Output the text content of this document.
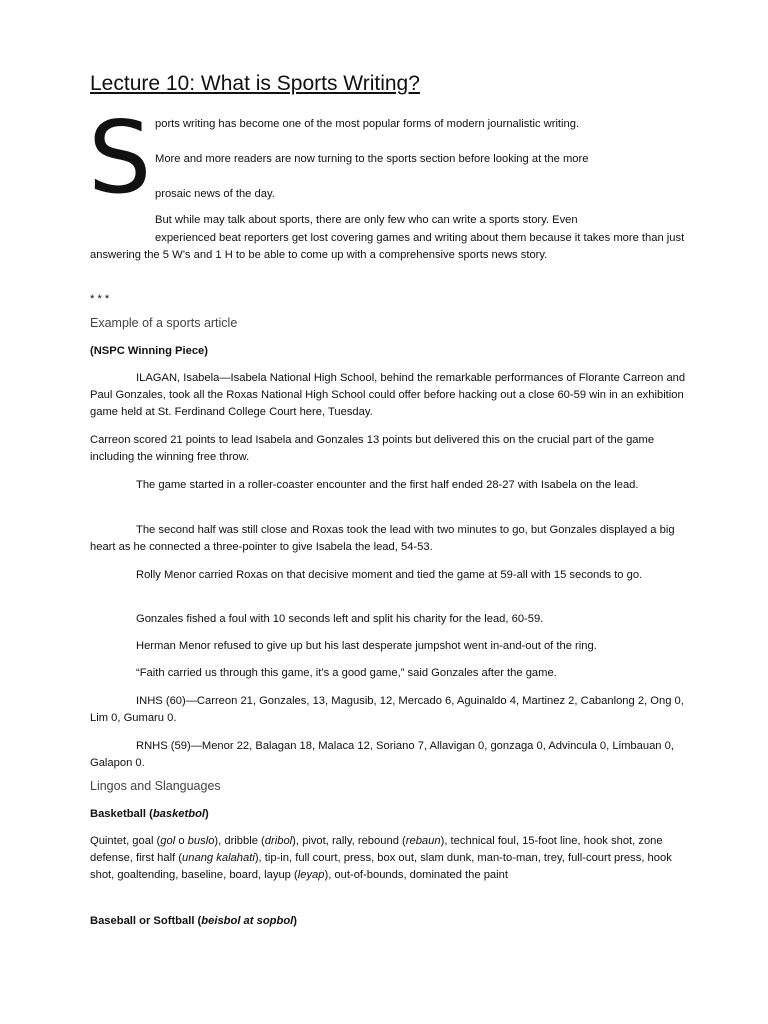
Lecture 10: What is Sports Writing?
S ports writing has become one of the most popular forms of modern journalistic writing.

More and more readers are now turning to the sports section before looking at the more

prosaic news of the day.

But while may talk about sports, there are only few who can write a sports story. Even

experienced beat reporters get lost covering games and writing about them because it takes more than just answering the 5 W’s and 1 H to be able to come up with a comprehensive sports news story.

* * *

Example of a sports article

(NSPC Winning Piece)

ILAGAN, Isabela—Isabela National High School, behind the remarkable performances of Florante Carreon and Paul Gonzales, took all the Roxas National High School could offer before hacking out a close 60-59 win in an exhibition game held at St. Ferdinand College Court here, Tuesday.

Carreon scored 21 points to lead Isabela and Gonzales 13 points but delivered this on the crucial part of the game including the winning free throw.

The game started in a roller-coaster encounter and the first half ended 28-27 with Isabela on the lead.

The second half was still close and Roxas took the lead with two minutes to go, but Gonzales displayed a big heart as he connected a three-pointer to give Isabela the lead, 54-53.

Rolly Menor carried Roxas on that decisive moment and tied the game at 59-all with 15 seconds to go.

Gonzales fished a foul with 10 seconds left and split his charity for the lead, 60-59.

Herman Menor refused to give up but his last desperate jumpshot went in-and-out of the ring.

“Faith carried us through this game, it’s a good game,” said Gonzales after the game.

INHS (60)—Carreon 21, Gonzales, 13, Magusib, 12, Mercado 6, Aguinaldo 4, Martinez 2, Cabanlong 2, Ong 0, Lim 0, Gumaru 0.

RNHS (59)—Menor 22, Balagan 18, Malaca 12, Soriano 7, Allavigan 0, gonzaga 0, Advincula 0, Limbauan 0, Galapon 0.

Lingos and Slanguages

Basketball (basketbol)

Quintet, goal (gol o buslo), dribble (dribol), pivot, rally, rebound (rebaun), technical foul, 15-foot line, hook shot, zone defense, first half (unang kalahati), tip-in, full court, press, box out, slam dunk, man-to-man, trey, full-court press, hook shot, goaltending, baseline, board, layup (leyap), out-of-bounds, dominated the paint

Baseball or Softball (beisbol at sopbol)
